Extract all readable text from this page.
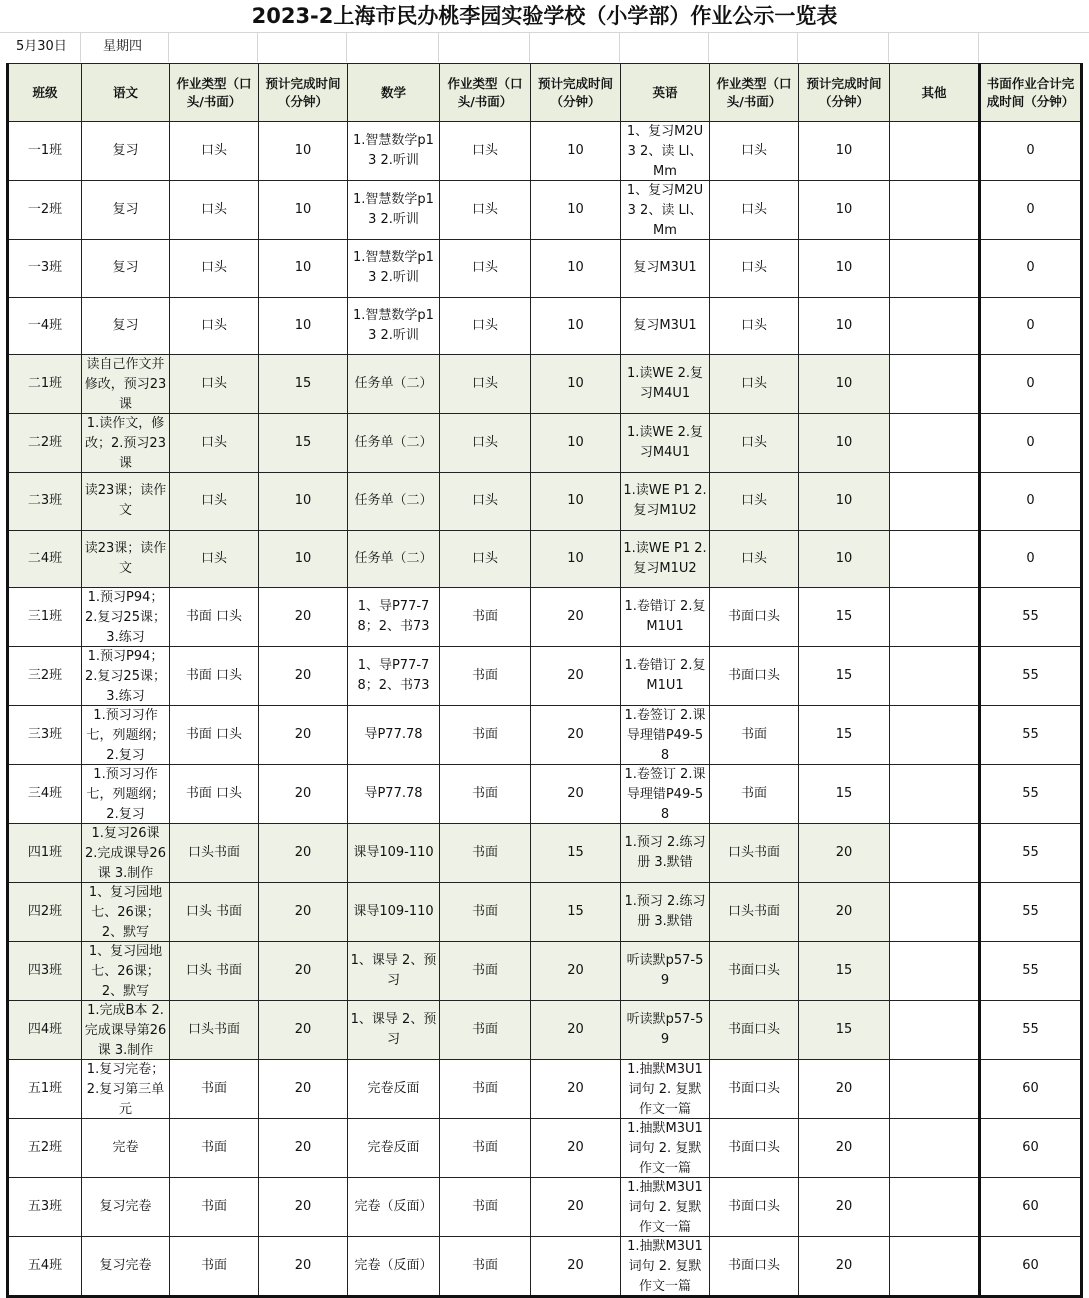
2023-2上海市民办桃李园实验学校（小学部）作业公示一览表
5月30日	星期四
班级	语文	作业类型（口头/书面）	预计完成时间（分钟）	数学	作业类型（口头/书面）	预计完成时间（分钟）	英语	作业类型（口头/书面）	预计完成时间（分钟）	其他	书面作业合计完成时间（分钟）

一1班	复习	口头	10	1.智慧数学p13 2.听训	口头	10	1、复习M2U3 2、读 Ll、Mm	口头	10		0

一2班	复习	口头	10	1.智慧数学p13 2.听训	口头	10	1、复习M2U3 2、读 Ll、Mm	口头	10		0

一3班	复习	口头	10	1.智慧数学p13 2.听训	口头	10	复习M3U1	口头	10		0

一4班	复习	口头	10	1.智慧数学p13 2.听训	口头	10	复习M3U1	口头	10		0

二1班	读自己作文并修改，预习23课	口头	15	任务单（二）	口头	10	1.读WE 2.复习M4U1	口头	10		0

二2班	1.读作文，修改；2.预习23课	口头	15	任务单（二）	口头	10	1.读WE 2.复习M4U1	口头	10		0

二3班	读23课；读作文	口头	10	任务单（二）	口头	10	1.读WE P1 2.复习M1U2	口头	10		0

二4班	读23课；读作文	口头	10	任务单（二）	口头	10	1.读WE P1 2.复习M1U2	口头	10		0

三1班	1.预习P94；2.复习25课；3.练习	书面 口头	20	1、导P77-78；2、书73	书面	20	1.卷错订 2.复M1U1	书面口头	15		55

三2班	1.预习P94；2.复习25课；3.练习	书面 口头	20	1、导P77-78；2、书73	书面	20	1.卷错订 2.复M1U1	书面口头	15		55

三3班	1.预习习作七，列题纲；2.复习	书面 口头	20	导P77.78	书面	20	1.卷签订 2.课导理错P49-58	书面	15		55

三4班	1.预习习作七，列题纲；2.复习	书面 口头	20	导P77.78	书面	20	1.卷签订 2.课导理错P49-58	书面	15		55

四1班	1.复习26课 2.完成课导26课 3.制作	口头书面	20	课导109-110	书面	15	1.预习 2.练习册 3.默错	口头书面	20		55

四2班	1、复习园地七、26课；2、默写	口头 书面	20	课导109-110	书面	15	1.预习 2.练习册 3.默错	口头书面	20		55

四3班	1、复习园地七、26课；2、默写	口头 书面	20	1、课导 2、预习	书面	20	听读默p57-59	书面口头	15		55

四4班	1.完成B本 2.完成课导第26课 3.制作	口头书面	20	1、课导 2、预习	书面	20	听读默p57-59	书面口头	15		55

五1班	1.复习完卷；2.复习第三单元	书面	20	完卷反面	书面	20	1.抽默M3U1词句 2. 复默作文一篇	书面口头	20		60

五2班	完卷	书面	20	完卷反面	书面	20	1.抽默M3U1词句 2. 复默作文一篇	书面口头	20		60

五3班	复习完卷	书面	20	完卷（反面）	书面	20	1.抽默M3U1词句 2. 复默作文一篇	书面口头	20		60

五4班	复习完卷	书面	20	完卷（反面）	书面	20	1.抽默M3U1词句 2. 复默作文一篇	书面口头	20		60
